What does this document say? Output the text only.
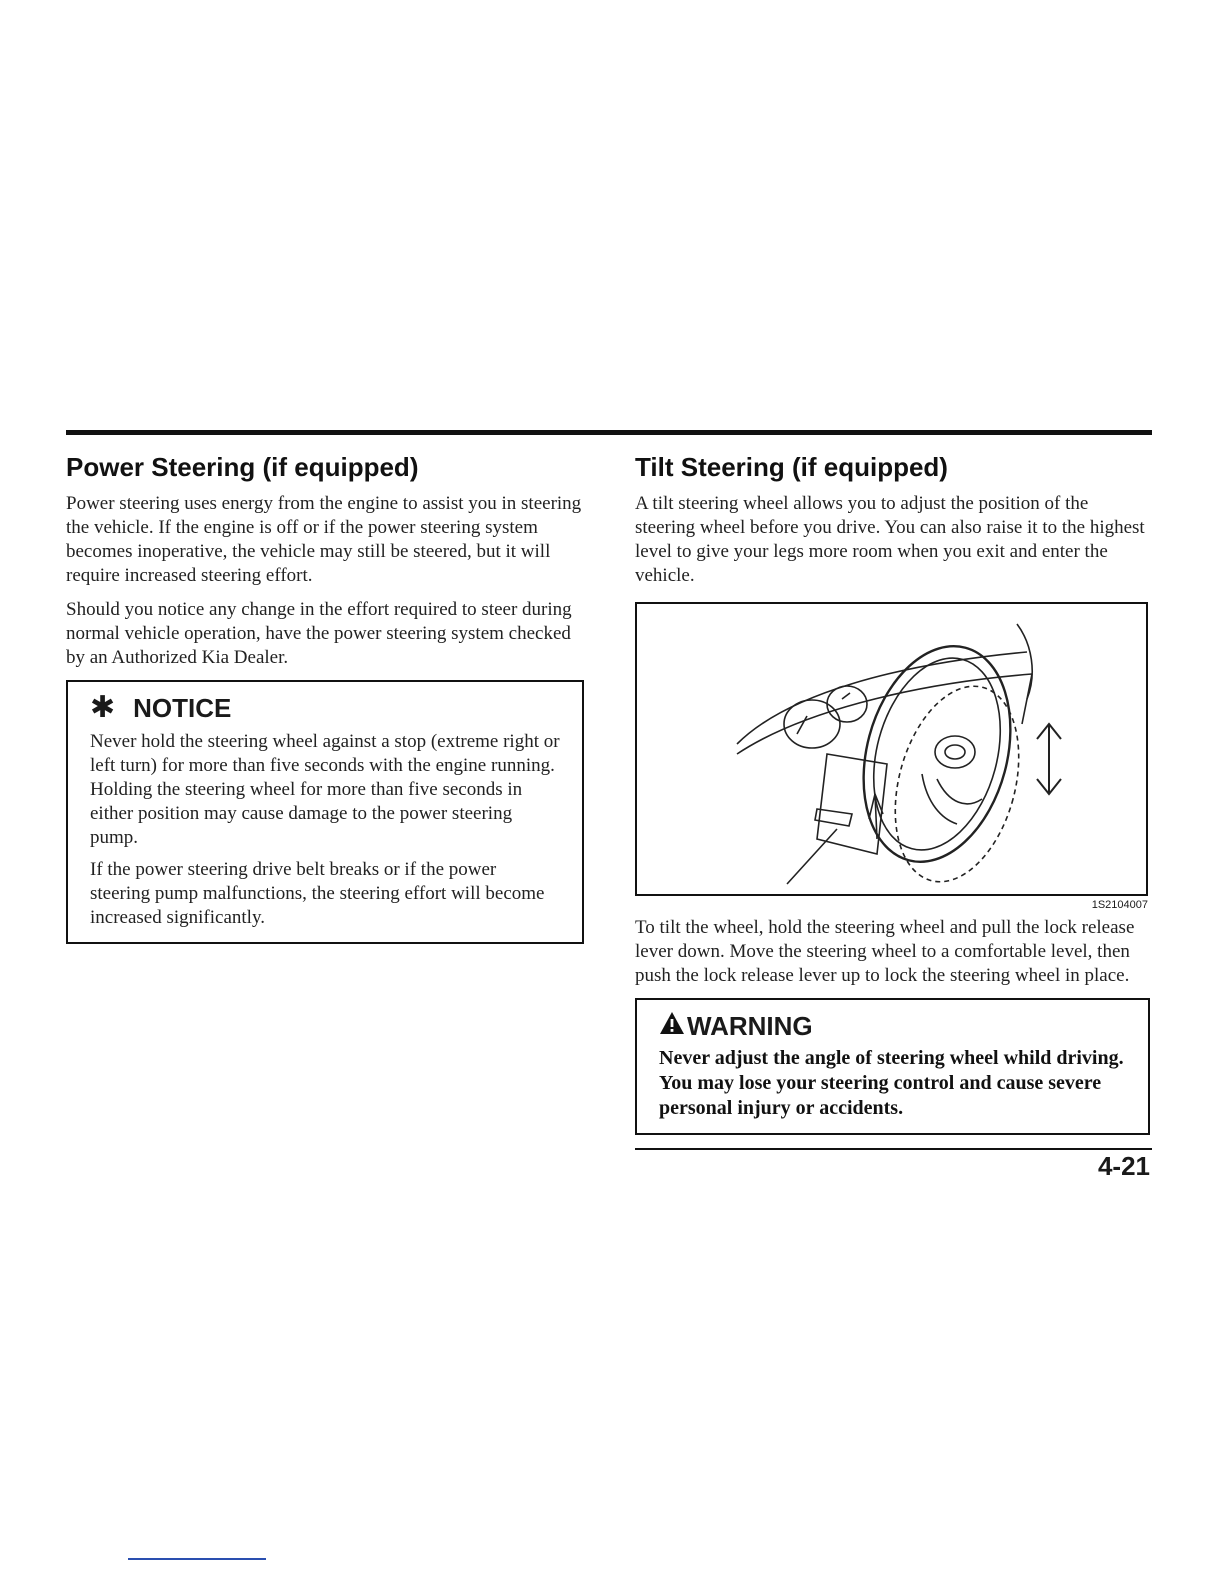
Power Steering (if equipped)

Power steering uses energy from the engine to assist you in steering the vehicle. If the engine is off or if the power steering system becomes inoperative, the vehicle may still be steered, but it will require increased steering effort.

Should you notice any change in the effort required to steer during normal vehicle operation, have the power steering system checked by an Authorized Kia Dealer.

✱ NOTICE

Never hold the steering wheel against a stop (extreme right or left turn) for more than five seconds with the engine running. Holding the steering wheel for more than five seconds in either position may cause damage to the power steering pump.

If the power steering drive belt breaks or if the power steering pump malfunctions, the steering effort will become increased significantly.

Tilt Steering (if equipped)

A tilt steering wheel allows you to adjust the position of the steering wheel before you drive. You can also raise it to the highest level to give your legs more room when you exit and enter the vehicle.

1S2104007

To tilt the wheel, hold the steering wheel and pull the lock release lever down. Move the steering wheel to a comfortable level, then push the lock release lever up to lock the steering wheel in place.

WARNING

Never adjust the angle of steering wheel whild driving. You may lose your steering control and cause severe personal injury or accidents.

4-21
